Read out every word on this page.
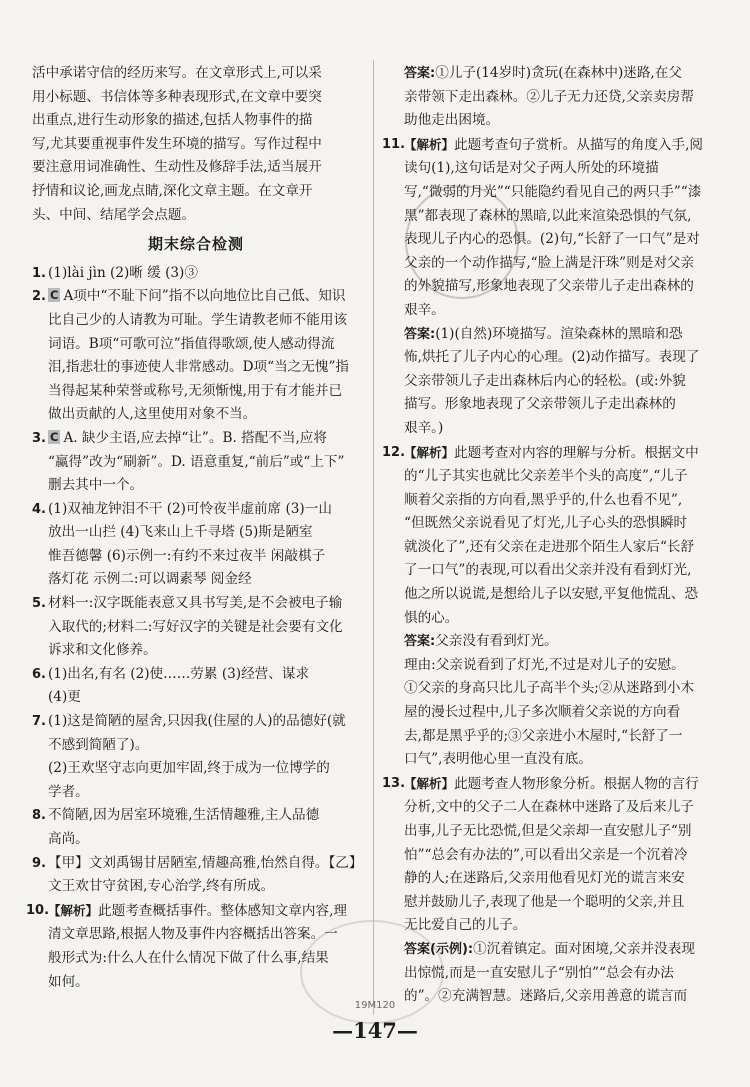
活中承诺守信的经历来写。在文章形式上,可以采

用小标题、书信体等多种表现形式,在文章中要突

出重点,进行生动形象的描述,包括人物事件的描

写,尤其要重视事件发生环境的描写。写作过程中

要注意用词准确性、生动性及修辞手法,适当展开

抒情和议论,画龙点睛,深化文章主题。在文章开

头、中间、结尾学会点题。

期末综合检测
1. (1)lài jìn (2)晰 缓 (3)③

2. C A项中“不耻下问”指不以向地位比自己低、知识

比自己少的人请教为可耻。学生请教老师不能用该

词语。B项“可歌可泣”指值得歌颂,使人感动得流

泪,指悲壮的事迹使人非常感动。D项“当之无愧”指

当得起某种荣誉或称号,无须惭愧,用于有才能并已

做出贡献的人,这里使用对象不当。

3. C A. 缺少主语,应去掉“让”。B. 搭配不当,应将

“赢得”改为“刷新”。D. 语意重复,“前后”或“上下”

删去其中一个。

4. (1)双袖龙钟泪不干 (2)可怜夜半虚前席 (3)一山

放出一山拦 (4)飞来山上千寻塔 (5)斯是陋室

惟吾德馨 (6)示例一:有约不来过夜半 闲敲棋子

落灯花 示例二:可以调素琴 阅金经

5. 材料一:汉字既能表意又具书写美,是不会被电子输

入取代的;材料二:写好汉字的关键是社会要有文化

诉求和文化修养。

6. (1)出名,有名 (2)使……劳累 (3)经营、谋求

(4)更

7. (1)这是简陋的屋舍,只因我(住屋的人)的品德好(就

不感到简陋了)。

(2)王欢坚守志向更加牢固,终于成为一位博学的

学者。

8. 不简陋,因为居室环境雅,生活情趣雅,主人品德

高尚。

9. 【甲】文刘禹锡甘居陋室,情趣高雅,怡然自得。【乙】

文王欢甘守贫困,专心治学,终有所成。

10.

【解析】此题考查概括事件。整体感知文章内容,理

清文章思路,根据人物及事件内容概括出答案。一

般形式为:什么人在什么情况下做了什么事,结果

如何。

答案:①儿子(14岁时)贪玩(在森林中)迷路,在父

亲带领下走出森林。②儿子无力还贷,父亲卖房帮

助他走出困境。

11.

【解析】此题考查句子赏析。从描写的角度入手,阅

读句(1),这句话是对父子两人所处的环境描

写,“微弱的月光”“只能隐约看见自己的两只手”“漆

黑”都表现了森林的黑暗,以此来渲染恐惧的气氛,

表现儿子内心的恐惧。(2)句,“长舒了一口气”是对

父亲的一个动作描写,“脸上满是汗珠”则是对父亲

的外貌描写,形象地表现了父亲带儿子走出森林的

艰辛。

答案:(1)(自然)环境描写。渲染森林的黑暗和恐

怖,烘托了儿子内心的心理。(2)动作描写。表现了

父亲带领儿子走出森林后内心的轻松。(或:外貌

描写。形象地表现了父亲带领儿子走出森林的

艰辛。)

12.

【解析】此题考查对内容的理解与分析。根据文中

的“儿子其实也就比父亲差半个头的高度”,“儿子

顺着父亲指的方向看,黑乎乎的,什么也看不见”,

“但既然父亲说看见了灯光,儿子心头的恐惧瞬时

就淡化了”,还有父亲在走进那个陌生人家后“长舒

了一口气”的表现,可以看出父亲并没有看到灯光,

他之所以说谎,是想给儿子以安慰,平复他慌乱、恐

惧的心。

答案:父亲没有看到灯光。

理由:父亲说看到了灯光,不过是对儿子的安慰。

①父亲的身高只比儿子高半个头;②从迷路到小木

屋的漫长过程中,儿子多次顺着父亲说的方向看

去,都是黑乎乎的;③父亲进小木屋时,“长舒了一

口气”,表明他心里一直没有底。

13.

【解析】此题考查人物形象分析。根据人物的言行

分析,文中的父子二人在森林中迷路了及后来儿子

出事,儿子无比恐慌,但是父亲却一直安慰儿子“别

怕”“总会有办法的”,可以看出父亲是一个沉着冷

静的人;在迷路后,父亲用他看见灯光的谎言来安

慰并鼓励儿子,表现了他是一个聪明的父亲,并且

无比爱自己的儿子。

答案(示例):①沉着镇定。面对困境,父亲并没表现

出惊慌,而是一直安慰儿子“别怕”“总会有办法

的”。②充满智慧。迷路后,父亲用善意的谎言而

19M120
—147—
